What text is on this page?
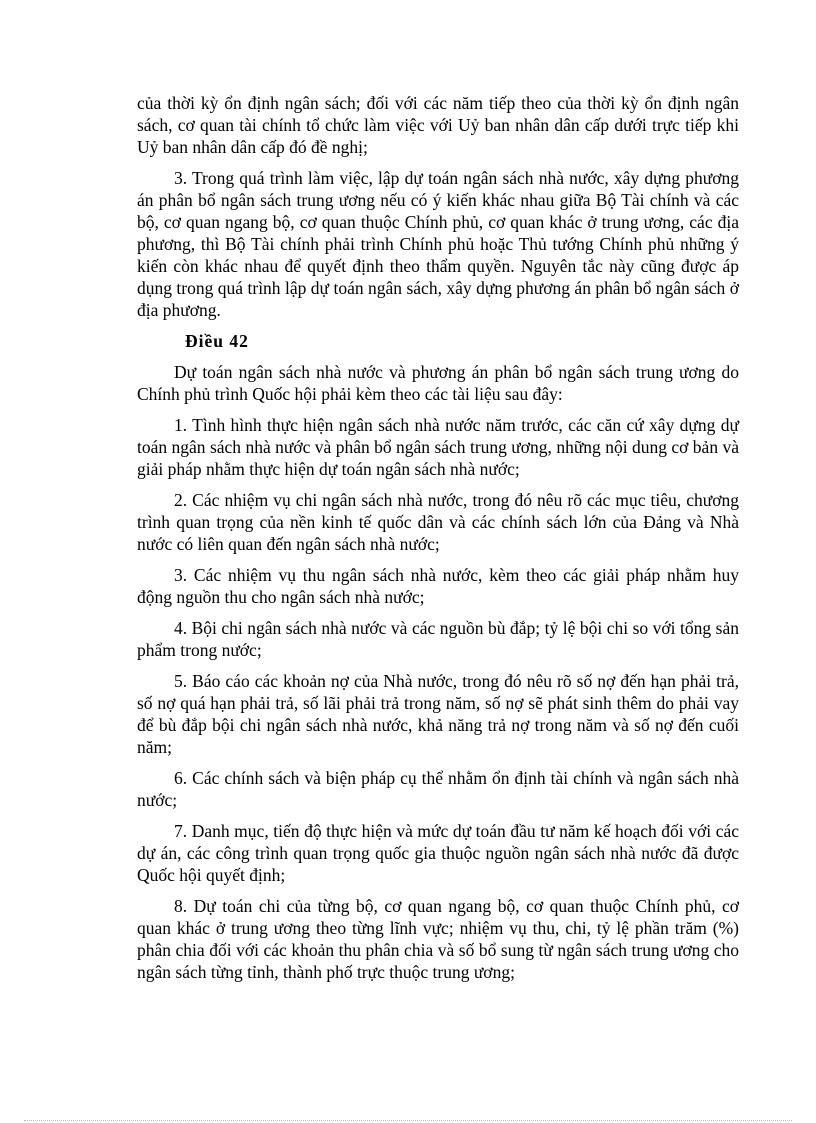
của thời kỳ ổn định ngân sách; đối với các năm tiếp theo của thời kỳ ổn định ngân sách, cơ quan tài chính tổ chức làm việc với Uỷ ban nhân dân cấp dưới trực tiếp khi Uỷ ban nhân dân cấp đó đề nghị;

3. Trong quá trình làm việc, lập dự toán ngân sách nhà nước, xây dựng phương án phân bổ ngân sách trung ương nếu có ý kiến khác nhau giữa Bộ Tài chính và các bộ, cơ quan ngang bộ, cơ quan thuộc Chính phủ, cơ quan khác ở trung ương, các địa phương, thì Bộ Tài chính phải trình Chính phủ hoặc Thủ tướng Chính phủ những ý kiến còn khác nhau để quyết định theo thẩm quyền. Nguyên tắc này cũng được áp dụng trong quá trình lập dự toán ngân sách, xây dựng phương án phân bổ ngân sách ở địa phương.

Điều 42

Dự toán ngân sách nhà nước và phương án phân bổ ngân sách trung ương do Chính phủ trình Quốc hội phải kèm theo các tài liệu sau đây:

1. Tình hình thực hiện ngân sách nhà nước năm trước, các căn cứ xây dựng dự toán ngân sách nhà nước và phân bổ ngân sách trung ương, những nội dung cơ bản và giải pháp nhằm thực hiện dự toán ngân sách nhà nước;

2. Các nhiệm vụ chi ngân sách nhà nước, trong đó nêu rõ các mục tiêu, chương trình quan trọng của nền kinh tế quốc dân và các chính sách lớn của Đảng và Nhà nước có liên quan đến ngân sách nhà nước;

3. Các nhiệm vụ thu ngân sách nhà nước, kèm theo các giải pháp nhằm huy động nguồn thu cho ngân sách nhà nước;

4. Bội chi ngân sách nhà nước và các nguồn bù đắp; tỷ lệ bội chi so với tổng sản phẩm trong nước;

5. Báo cáo các khoản nợ của Nhà nước, trong đó nêu rõ số nợ đến hạn phải trả, số nợ quá hạn phải trả, số lãi phải trả trong năm, số nợ sẽ phát sinh thêm do phải vay để bù đắp bội chi ngân sách nhà nước, khả năng trả nợ trong năm và số nợ đến cuối năm;

6. Các chính sách và biện pháp cụ thể nhằm ổn định tài chính và ngân sách nhà nước;

7. Danh mục, tiến độ thực hiện và mức dự toán đầu tư năm kế hoạch đối với các dự án, các công trình quan trọng quốc gia thuộc nguồn ngân sách nhà nước đã được Quốc hội quyết định;

8. Dự toán chi của từng bộ, cơ quan ngang bộ, cơ quan thuộc Chính phủ, cơ quan khác ở trung ương theo từng lĩnh vực; nhiệm vụ thu, chi, tỷ lệ phần trăm (%) phân chia đối với các khoản thu phân chia và số bổ sung từ ngân sách trung ương cho ngân sách từng tỉnh, thành phố trực thuộc trung ương;
